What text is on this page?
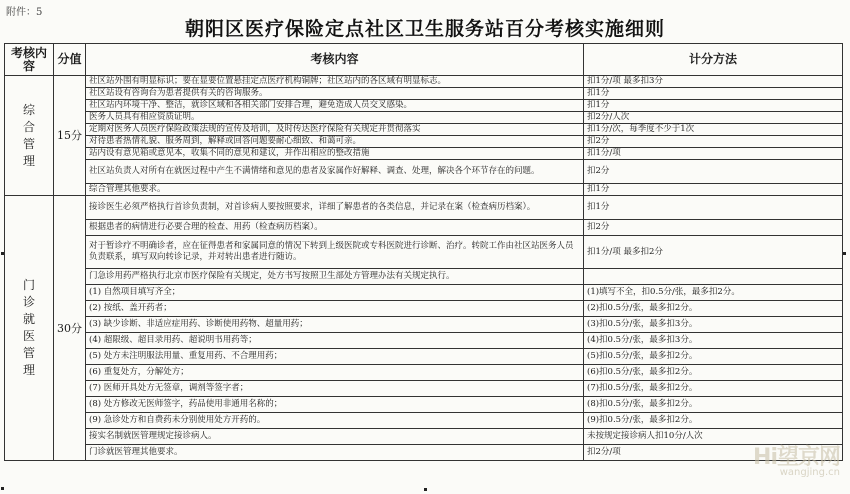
附件：5
朝阳区医疗保险定点社区卫生服务站百分考核实施细则
考核内容	分值	考核内容	计分方法
综合管理	15分	社区站外围有明显标识；要在显要位置悬挂定点医疗机构铜牌；社区站内的各区域有明显标志。	扣1分/项 最多扣3分
		社区站设有咨询台为患者提供有关的咨询服务。	扣1分
		社区站内环境干净、整洁，就诊区域和各相关部门安排合理，避免造成人员交叉感染。	扣1分
		医务人员具有相应资质证明。	扣2分/人次
		定期对医务人员医疗保险政策法规的宣传及培训，及时传达医疗保险有关规定并贯彻落实	扣1分/次，每季度不少于1次
		对待患者热情礼貌、服务周到，解释或回答问题要耐心细致、和蔼可亲。	扣2分
		站内设有意见箱或意见本，收集不同的意见和建议，并作出相应的整改措施	扣1分/项
		社区站负责人对所有在就医过程中产生不满情绪和意见的患者及家属作好解释、调查、处理，解决各个环节存在的问题。	扣2分
		综合管理其他要求。	扣1分
门诊就医管理	30分	接诊医生必须严格执行首诊负责制，对首诊病人要按照要求，详细了解患者的各类信息，并记录在案（检查病历档案）。	扣1分
		根据患者的病情进行必要合理的检查、用药（检查病历档案）。	扣2分
		对于暂诊疗不明确诊者，应在征得患者和家属同意的情况下转到上级医院或专科医院进行诊断、治疗。转院工作由社区站医务人员负责联系，填写双向转诊记录，并对转出患者进行随访。	扣1分/项 最多扣2分
		门急诊用药严格执行北京市医疗保险有关规定，处方书写按照卫生部处方管理办法有关规定执行。	
		(1) 自然项目填写齐全；	(1)填写不全，扣0.5分/张，最多扣2分。
		(2) 按纸、盖开药者；	(2)扣0.5分/张，最多扣2分。
		(3) 缺少诊断、非适应症用药、诊断使用药物、超量用药；	(3)扣0.5分/张，最多扣3分。
		(4) 超限级、超目录用药、超说明书用药等；	(4)扣0.5分/张，最多扣3分。
		(5) 处方未注明服法用量、重复用药、不合理用药；	(5)扣0.5分/张，最多扣2分。
		(6) 重复处方，分解处方；	(6)扣0.5分/张，最多扣2分。
		(7) 医师开具处方无签章，调剂等签字者；	(7)扣0.5分/张，最多扣2分。
		(8) 处方修改无医师签字，药品使用非通用名称的；	(8)扣0.5分/张，最多扣2分。
		(9) 急诊处方和自费药未分别使用处方开药的。	(9)扣0.5分/张，最多扣2分。
		接实名制就医管理规定接诊病人。	未按规定接诊病人扣10分/人次
		门诊就医管理其他要求。	扣2分/项	Hi望京网
wangjing.cn
